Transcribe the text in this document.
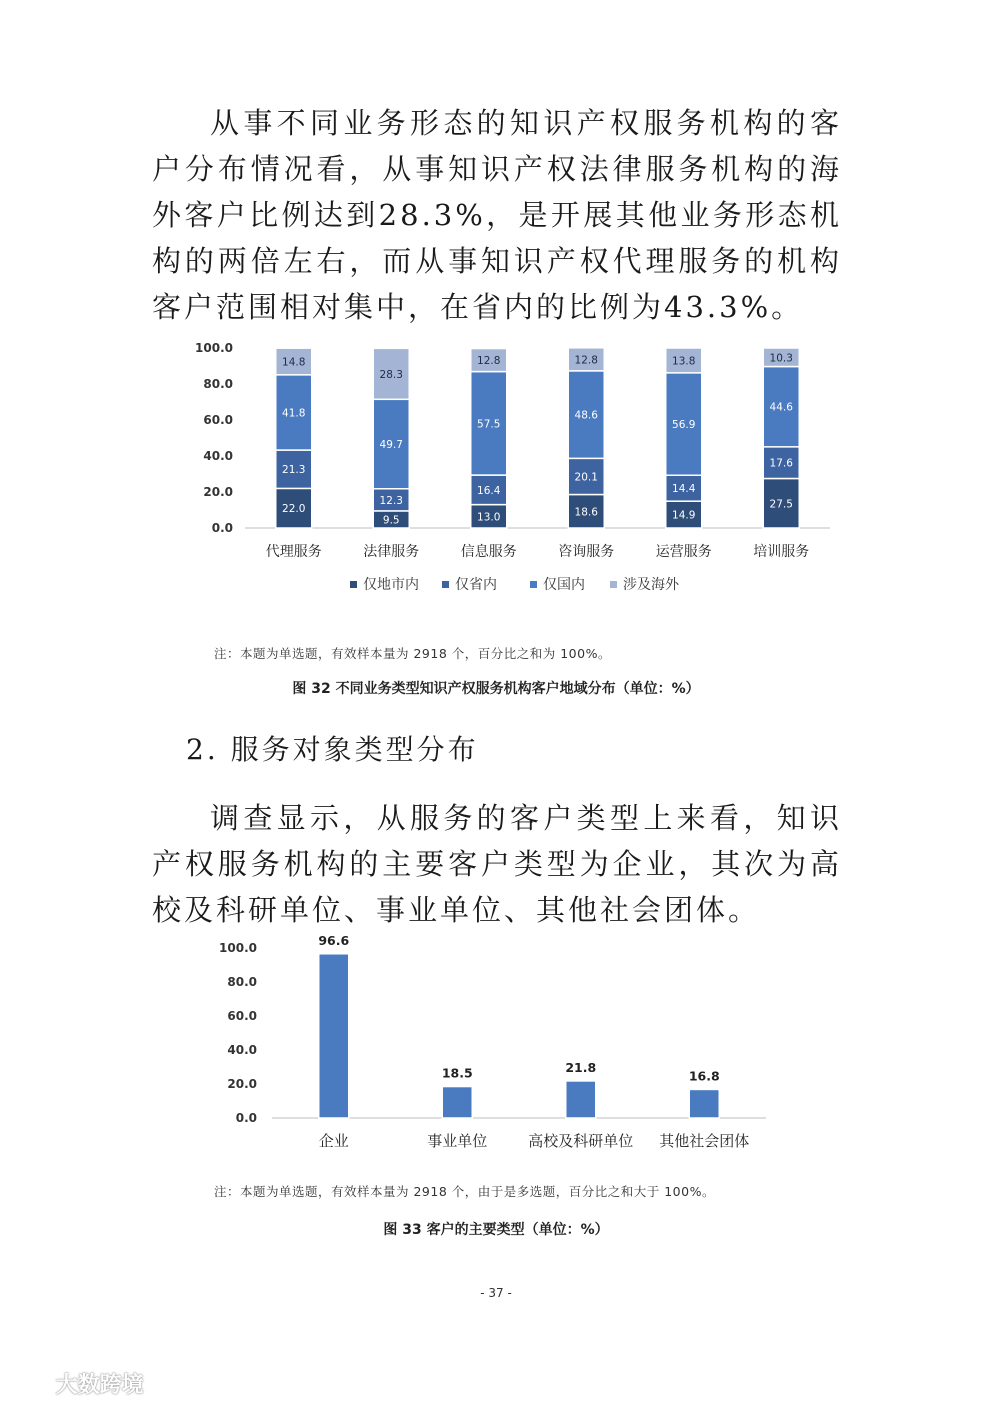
从事不同业务形态的知识产权服务机构的客户分布情况看，从事知识产权法律服务机构的海外客户比例达到28.3%，是开展其他业务形态机构的两倍左右，而从事知识产权代理服务的机构客户范围相对集中，在省内的比例为43.3%。

0.0
20.0
40.0
60.0
80.0
100.0
22.0
21.3
41.8
14.8
代理服务
9.5
12.3
49.7
28.3
法律服务
13.0
16.4
57.5
12.8
信息服务
18.6
20.1
48.6
12.8
咨询服务
14.9
14.4
56.9
13.8
运营服务
27.5
17.6
44.6
10.3
培训服务
仅地市内	仅省内	仅国内	涉及海外
注：本题为单选题，有效样本量为 2918 个，百分比之和为 100%。
图 32 不同业务类型知识产权服务机构客户地域分布（单位：%）
2. 服务对象类型分布

调查显示，从服务的客户类型上来看，知识产权服务机构的主要客户类型为企业，其次为高校及科研单位、事业单位、其他社会团体。

0.0
20.0
40.0
60.0
80.0
100.0
96.6
企业
18.5
事业单位
21.8
高校及科研单位
16.8
其他社会团体
注：本题为单选题，有效样本量为 2918 个，由于是多选题，百分比之和大于 100%。
图 33 客户的主要类型（单位：%）
- 37 -
大数跨境
